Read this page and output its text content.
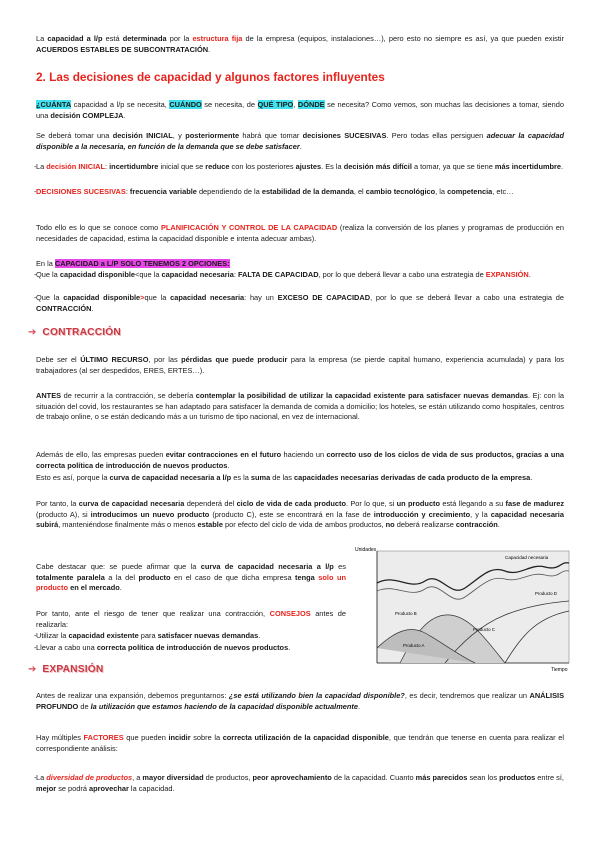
La capacidad a l/p está determinada por la estructura fija de la empresa (equipos, instalaciones…), pero esto no siempre es así, ya que pueden existir ACUERDOS ESTABLES DE SUBCONTRATACIÓN.

2. Las decisiones de capacidad y algunos factores influyentes

¿CUÁNTA capacidad a l/p se necesita, CUÁNDO se necesita, de QUÉ TIPO, DÓNDE se necesita? Como vemos, son muchas las decisiones a tomar, siendo una decisión COMPLEJA.

Se deberá tomar una decisión INICIAL, y posteriormente habrá que tomar decisiones SUCESIVAS. Pero todas ellas persiguen adecuar la capacidad disponible a la necesaria, en función de la demanda que se debe satisfacer.

- La decisión INICIAL: incertidumbre inicial que se reduce con los posteriores ajustes. Es la decisión más difícil a tomar, ya que se tiene más incertidumbre.

- DECISIONES SUCESIVAS: frecuencia variable dependiendo de la estabilidad de la demanda, el cambio tecnológico, la competencia, etc…

Todo ello es lo que se conoce como PLANIFICACIÓN Y CONTROL DE LA CAPACIDAD (realiza la conversión de los planes y programas de producción en necesidades de capacidad, estima la capacidad disponible e intenta adecuar ambas).

En la CAPACIDAD a L/P SOLO TENEMOS 2 OPCIONES:

- Que la capacidad disponible<que la capacidad necesaria: FALTA DE CAPACIDAD, por lo que deberá llevar a cabo una estrategia de EXPANSIÓN.

- Que la capacidad disponible>que la capacidad necesaria: hay un EXCESO DE CAPACIDAD, por lo que se deberá llevar a cabo una estrategia de CONTRACCIÓN.

➔ CONTRACCIÓN

Debe ser el ÚLTIMO RECURSO, por las pérdidas que puede producir para la empresa (se pierde capital humano, experiencia acumulada) y para los trabajadores (al ser despedidos, ERES, ERTES…).

ANTES de recurrir a la contracción, se debería contemplar la posibilidad de utilizar la capacidad existente para satisfacer nuevas demandas. Ej: con la situación del covid, los restaurantes se han adaptado para satisfacer la demanda de comida a domicilio; los hoteles, se están utilizando como hospitales, centros de trabajo online, o se están dedicando más a un turismo de tipo nacional, en vez de internacional.

Además de ello, las empresas pueden evitar contracciones en el futuro haciendo un correcto uso de los ciclos de vida de sus productos, gracias a una correcta política de introducción de nuevos productos.

Esto es así, porque la curva de capacidad necesaria a l/p es la suma de las capacidades necesarias derivadas de cada producto de la empresa.

Por tanto, la curva de capacidad necesaria dependerá del ciclo de vida de cada producto. Por lo que, si un producto está llegando a su fase de madurez (producto A), si introducimos un nuevo producto (producto C), este se encontrará en la fase de introducción y crecimiento, y la capacidad necesaria subirá, manteniéndose finalmente más o menos estable por efecto del ciclo de vida de ambos productos, no deberá realizarse contracción.

Cabe destacar que: se puede afirmar que la curva de capacidad necesaria a l/p es totalmente paralela a la del producto en el caso de que dicha empresa tenga solo un producto en el mercado.

Por tanto, ante el riesgo de tener que realizar una contracción, CONSEJOS antes de realizarla:

- Utilizar la capacidad existente para satisfacer nuevas demandas.

- Llevar a cabo una correcta política de introducción de nuevos productos.

Unidades
Tiempo
Capacidad necesaria
Producto B
Producto D
Producto C
Producto A
➔ EXPANSIÓN

Antes de realizar una expansión, debemos preguntarnos: ¿se está utilizando bien la capacidad disponible?, es decir, tendremos que realizar un ANÁLISIS PROFUNDO de la utilización que estamos haciendo de la capacidad disponible actualmente.

Hay múltiples FACTORES que pueden incidir sobre la correcta utilización de la capacidad disponible, que tendrán que tenerse en cuenta para realizar el correspondiente análisis:

- La diversidad de productos, a mayor diversidad de productos, peor aprovechamiento de la capacidad. Cuanto más parecidos sean los productos entre sí, mejor se podrá aprovechar la capacidad.
